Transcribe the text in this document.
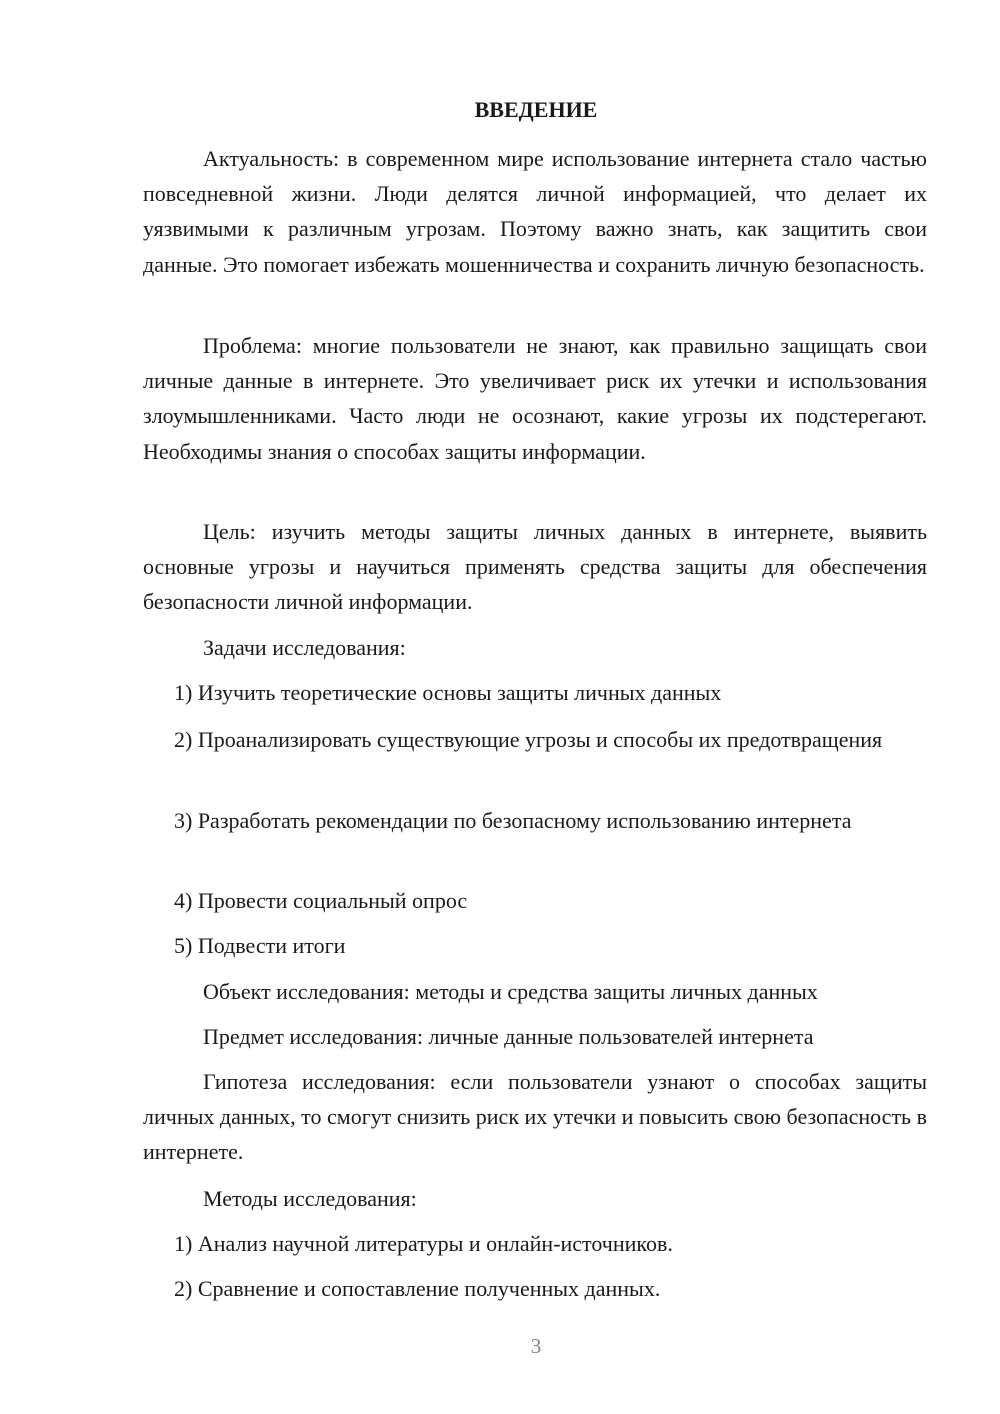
ВВЕДЕНИЕ

Актуальность: в современном мире использование интернета стало частью повседневной жизни. Люди делятся личной информацией, что делает их уязвимыми к различным угрозам. Поэтому важно знать, как защитить свои данные. Это помогает избежать мошенничества и сохранить личную безопасность.

Проблема: многие пользователи не знают, как правильно защищать свои личные данные в интернете. Это увеличивает риск их утечки и использования злоумышленниками. Часто люди не осознают, какие угрозы их подстерегают. Необходимы знания о способах защиты информации.

Цель: изучить методы защиты личных данных в интернете, выявить основные угрозы и научиться применять средства защиты для обеспечения безопасности личной информации.

Задачи исследования:

1) Изучить теоретические основы защиты личных данных

2) Проанализировать существующие угрозы и способы их предотвращения

3) Разработать рекомендации по безопасному использованию интернета

4) Провести социальный опрос

5) Подвести итоги

Объект исследования: методы и средства защиты личных данных

Предмет исследования: личные данные пользователей интернета

Гипотеза исследования: если пользователи узнают о способах защиты личных данных, то смогут снизить риск их утечки и повысить свою безопасность в интернете.

Методы исследования:

1) Анализ научной литературы и онлайн-источников.

2) Сравнение и сопоставление полученных данных.

3
